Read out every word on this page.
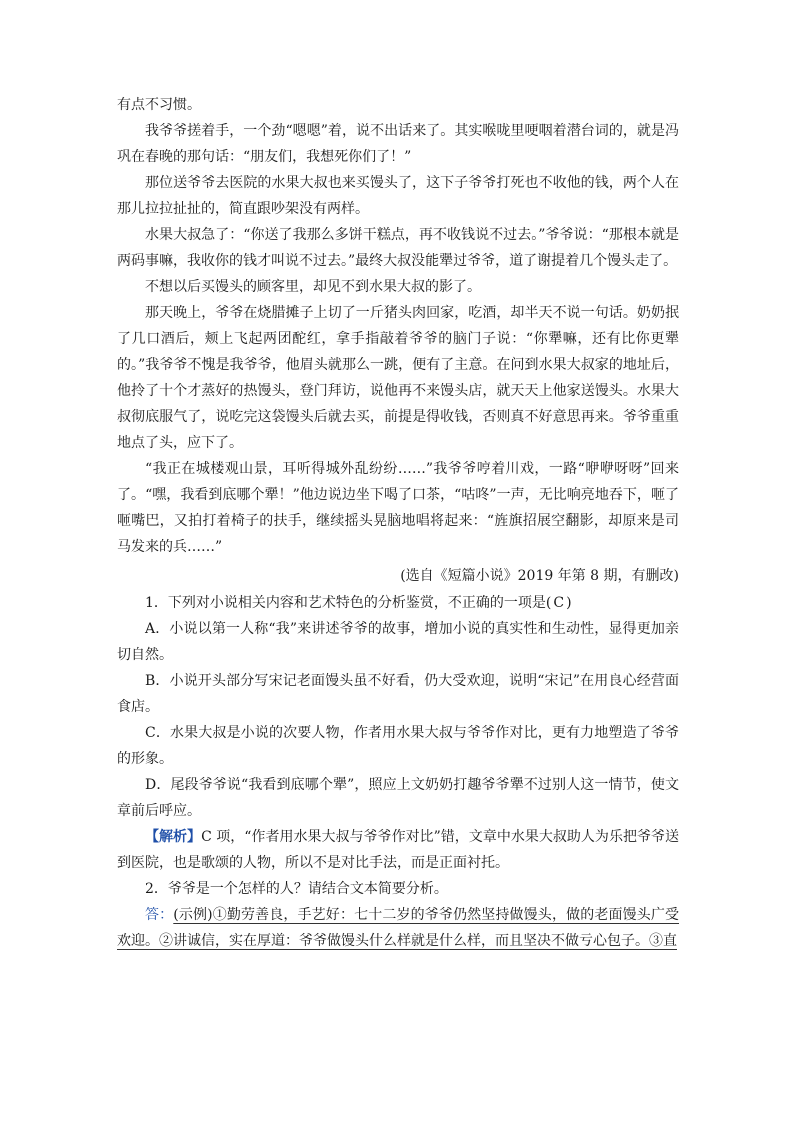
有点不习惯。

我爷爷搓着手，一个劲“嗯嗯”着，说不出话来了。其实喉咙里哽咽着潜台词的，就是冯巩在春晚的那句话：“朋友们，我想死你们了！”

那位送爷爷去医院的水果大叔也来买馒头了，这下子爷爷打死也不收他的钱，两个人在那儿拉拉扯扯的，简直跟吵架没有两样。

水果大叔急了：“你送了我那么多饼干糕点，再不收钱说不过去。”爷爷说：“那根本就是两码事嘛，我收你的钱才叫说不过去。”最终大叔没能犟过爷爷，道了谢提着几个馒头走了。

不想以后买馒头的顾客里，却见不到水果大叔的影了。

那天晚上，爷爷在烧腊摊子上切了一斤猪头肉回家，吃酒，却半天不说一句话。奶奶抿了几口酒后，颊上飞起两团酡红，拿手指敲着爷爷的脑门子说：“你犟嘛，还有比你更犟的。”我爷爷不愧是我爷爷，他眉头就那么一跳，便有了主意。在问到水果大叔家的地址后，他拎了十个才蒸好的热馒头，登门拜访，说他再不来馒头店，就天天上他家送馒头。水果大叔彻底服气了，说吃完这袋馒头后就去买，前提是得收钱，否则真不好意思再来。爷爷重重地点了头，应下了。

“我正在城楼观山景，耳听得城外乱纷纷……”我爷爷哼着川戏，一路“咿咿呀呀”回来了。“嘿，我看到底哪个犟！”他边说边坐下喝了口茶，“咕咚”一声，无比响亮地吞下，咂了咂嘴巴，又拍打着椅子的扶手，继续摇头晃脑地唱将起来：“旌旗招展空翻影，却原来是司马发来的兵……”

(选自《短篇小说》2019 年第 8 期，有删改)

1．下列对小说相关内容和艺术特色的分析鉴赏，不正确的一项是( C )

A．小说以第一人称“我”来讲述爷爷的故事，增加小说的真实性和生动性，显得更加亲切自然。

B．小说开头部分写宋记老面馒头虽不好看，仍大受欢迎，说明“宋记”在用良心经营面食店。

C．水果大叔是小说的次要人物，作者用水果大叔与爷爷作对比，更有力地塑造了爷爷的形象。

D．尾段爷爷说“我看到底哪个犟”，照应上文奶奶打趣爷爷犟不过别人这一情节，使文章前后呼应。

【解析】C 项，“作者用水果大叔与爷爷作对比”错，文章中水果大叔助人为乐把爷爷送到医院，也是歌颂的人物，所以不是对比手法，而是正面衬托。

2．爷爷是一个怎样的人？请结合文本简要分析。

答：(示例)①勤劳善良，手艺好：七十二岁的爷爷仍然坚持做馒头，做的老面馒头广受欢迎。②讲诚信，实在厚道：爷爷做馒头什么样就是什么样，而且坚决不做亏心包子。③直
